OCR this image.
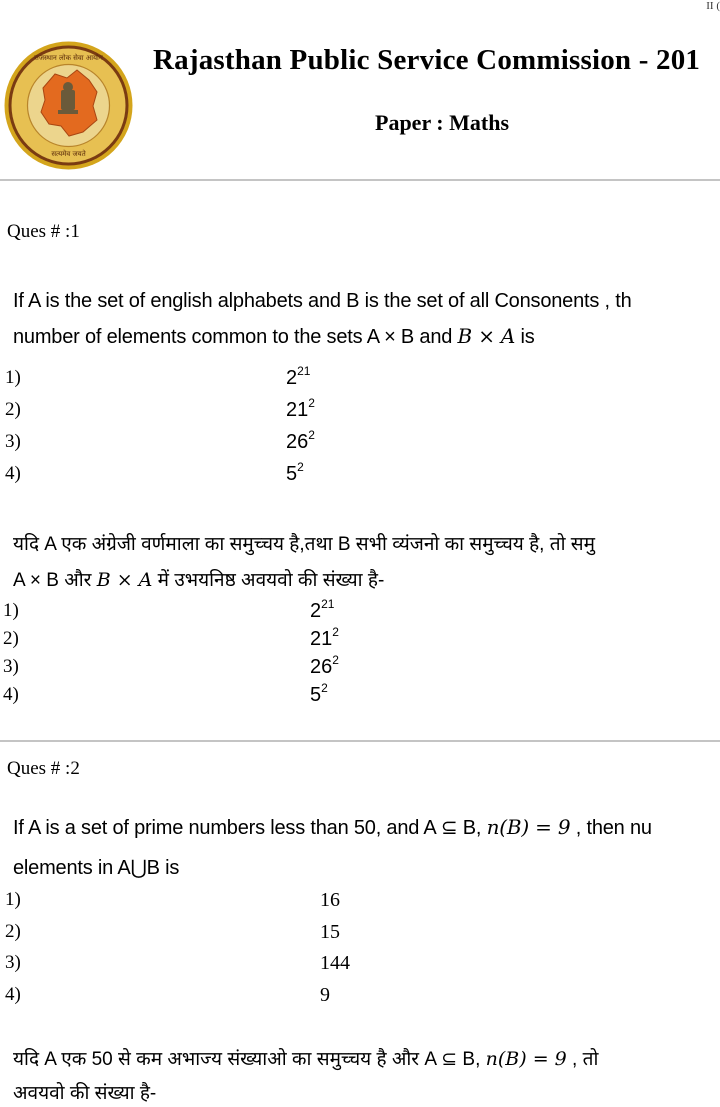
II (
सत्यमेव जयते
राजस्थान लोक सेवा आयोग Rajasthan Public Service Commission - 201
Paper : Maths
Ques # :1
If A is the set of english alphabets and B is the set of all Consonents , th
number of elements common to the sets A × B and B × A is
1)	$2^{21}$
2)	$21^2$
3)	$26^2$
4)	$5^2$
यदि A एक अंग्रेजी वर्णमाला का समुच्चय है,तथा B सभी व्यंजनो का समुच्चय है, तो समु
A × B और B × A में उभयनिष्ठ अवयवो की संख्या है-
1)	$2^{21}$
2)	$21^2$
3)	$26^2$
4)	$5^2$
Ques # :2
If A is a set of prime numbers less than 50, and A ⊆ B, n(B) = 9 , then nu
elements in A⋃B is
1)	16
2)	15
3)	144
4)	9
यदि A एक 50 से कम अभाज्य संख्याओ का समुच्चय है और A ⊆ B, n(B) = 9 , तो
अवयवो की संख्या है-
